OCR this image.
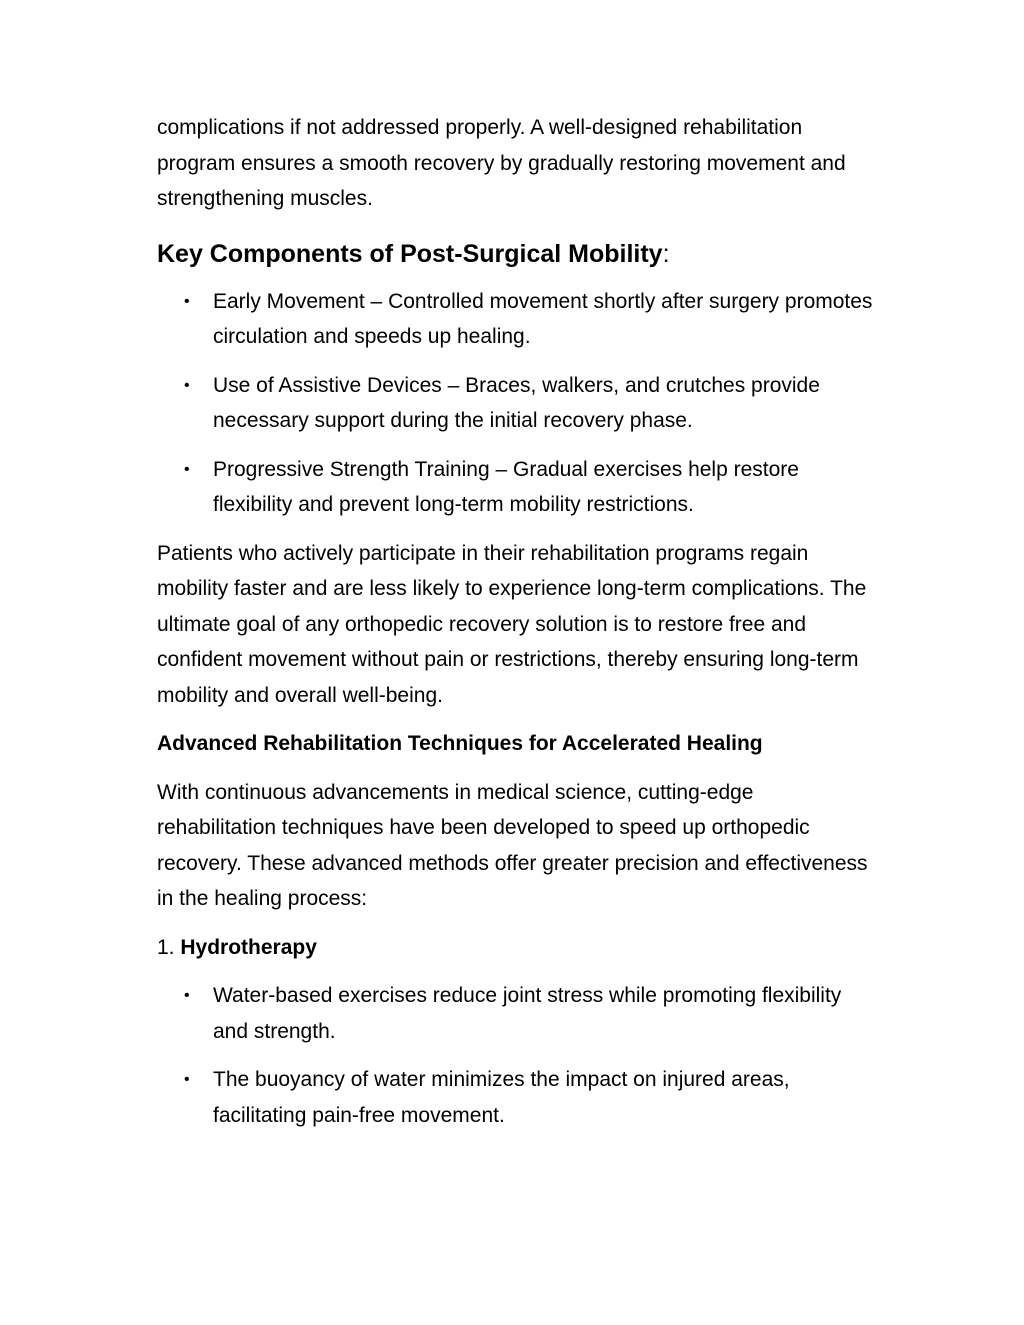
complications if not addressed properly. A well-designed rehabilitation program ensures a smooth recovery by gradually restoring movement and strengthening muscles.

Key Components of Post-Surgical Mobility:
• Early Movement – Controlled movement shortly after surgery promotes circulation and speeds up healing.
• Use of Assistive Devices – Braces, walkers, and crutches provide necessary support during the initial recovery phase.
• Progressive Strength Training – Gradual exercises help restore flexibility and prevent long-term mobility restrictions.

Patients who actively participate in their rehabilitation programs regain mobility faster and are less likely to experience long-term complications. The ultimate goal of any orthopedic recovery solution is to restore free and confident movement without pain or restrictions, thereby ensuring long-term mobility and overall well-being.

Advanced Rehabilitation Techniques for Accelerated Healing

With continuous advancements in medical science, cutting-edge rehabilitation techniques have been developed to speed up orthopedic recovery. These advanced methods offer greater precision and effectiveness in the healing process:

1. Hydrotherapy
• Water-based exercises reduce joint stress while promoting flexibility and strength.
• The buoyancy of water minimizes the impact on injured areas, facilitating pain-free movement.
